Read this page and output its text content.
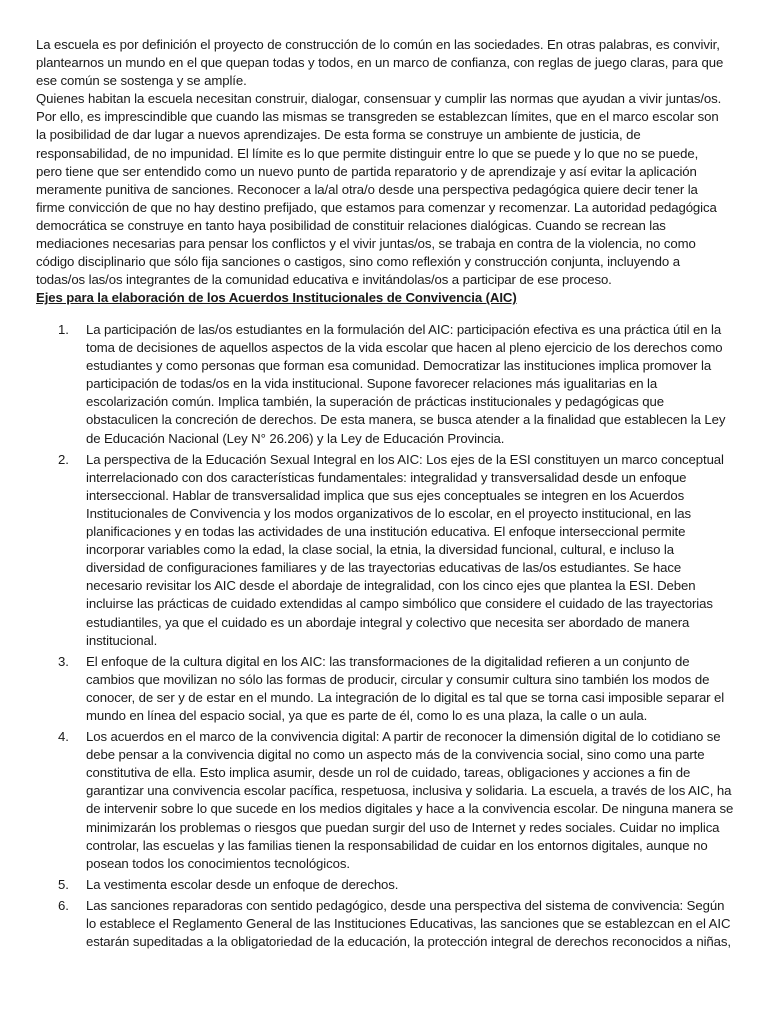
La escuela es por definición el proyecto de construcción de lo común en las sociedades. En otras palabras, es convivir, plantearnos un mundo en el que quepan todas y todos, en un marco de confianza, con reglas de juego claras, para que ese común se sostenga y se amplíe.

Quienes habitan la escuela necesitan construir, dialogar, consensuar y cumplir las normas que ayudan a vivir juntas/os. Por ello, es imprescindible que cuando las mismas se transgreden se establezcan límites, que en el marco escolar son la posibilidad de dar lugar a nuevos aprendizajes. De esta forma se construye un ambiente de justicia, de responsabilidad, de no impunidad. El límite es lo que permite distinguir entre lo que se puede y lo que no se puede, pero tiene que ser entendido como un nuevo punto de partida reparatorio y de aprendizaje y así evitar la aplicación meramente punitiva de sanciones. Reconocer a la/al otra/o desde una perspectiva pedagógica quiere decir tener la firme convicción de que no hay destino prefijado, que estamos para comenzar y recomenzar. La autoridad pedagógica democrática se construye en tanto haya posibilidad de constituir relaciones dialógicas. Cuando se recrean las mediaciones necesarias para pensar los conflictos y el vivir juntas/os, se trabaja en contra de la violencia, no como código disciplinario que sólo fija sanciones o castigos, sino como reflexión y construcción conjunta, incluyendo a todas/os las/os integrantes de la comunidad educativa e invitándolas/os a participar de ese proceso.

Ejes para la elaboración de los Acuerdos Institucionales de Convivencia (AIC)

1. La participación de las/os estudiantes en la formulación del AIC: participación efectiva es una práctica útil en la toma de decisiones de aquellos aspectos de la vida escolar que hacen al pleno ejercicio de los derechos como estudiantes y como personas que forman esa comunidad. Democratizar las instituciones implica promover la participación de todas/os en la vida institucional. Supone favorecer relaciones más igualitarias en la escolarización común. Implica también, la superación de prácticas institucionales y pedagógicas que obstaculicen la concreción de derechos. De esta manera, se busca atender a la finalidad que establecen la Ley de Educación Nacional (Ley N° 26.206) y la Ley de Educación Provincia.
2. La perspectiva de la Educación Sexual Integral en los AIC: Los ejes de la ESI constituyen un marco conceptual interrelacionado con dos características fundamentales: integralidad y transversalidad desde un enfoque interseccional. Hablar de transversalidad implica que sus ejes conceptuales se integren en los Acuerdos Institucionales de Convivencia y los modos organizativos de lo escolar, en el proyecto institucional, en las planificaciones y en todas las actividades de una institución educativa. El enfoque interseccional permite incorporar variables como la edad, la clase social, la etnia, la diversidad funcional, cultural, e incluso la diversidad de configuraciones familiares y de las trayectorias educativas de las/os estudiantes. Se hace necesario revisitar los AIC desde el abordaje de integralidad, con los cinco ejes que plantea la ESI. Deben incluirse las prácticas de cuidado extendidas al campo simbólico que considere el cuidado de las trayectorias estudiantiles, ya que el cuidado es un abordaje integral y colectivo que necesita ser abordado de manera institucional.
3. El enfoque de la cultura digital en los AIC: las transformaciones de la digitalidad refieren a un conjunto de cambios que movilizan no sólo las formas de producir, circular y consumir cultura sino también los modos de conocer, de ser y de estar en el mundo. La integración de lo digital es tal que se torna casi imposible separar el mundo en línea del espacio social, ya que es parte de él, como lo es una plaza, la calle o un aula.
4. Los acuerdos en el marco de la convivencia digital: A partir de reconocer la dimensión digital de lo cotidiano se debe pensar a la convivencia digital no como un aspecto más de la convivencia social, sino como una parte constitutiva de ella. Esto implica asumir, desde un rol de cuidado, tareas, obligaciones y acciones a fin de garantizar una convivencia escolar pacífica, respetuosa, inclusiva y solidaria. La escuela, a través de los AIC, ha de intervenir sobre lo que sucede en los medios digitales y hace a la convivencia escolar. De ninguna manera se minimizarán los problemas o riesgos que puedan surgir del uso de Internet y redes sociales. Cuidar no implica controlar, las escuelas y las familias tienen la responsabilidad de cuidar en los entornos digitales, aunque no posean todos los conocimientos tecnológicos.
5. La vestimenta escolar desde un enfoque de derechos.
6. Las sanciones reparadoras con sentido pedagógico, desde una perspectiva del sistema de convivencia: Según lo establece el Reglamento General de las Instituciones Educativas, las sanciones que se establezcan en el AIC estarán supeditadas a la obligatoriedad de la educación, la protección integral de derechos reconocidos a niñas,
